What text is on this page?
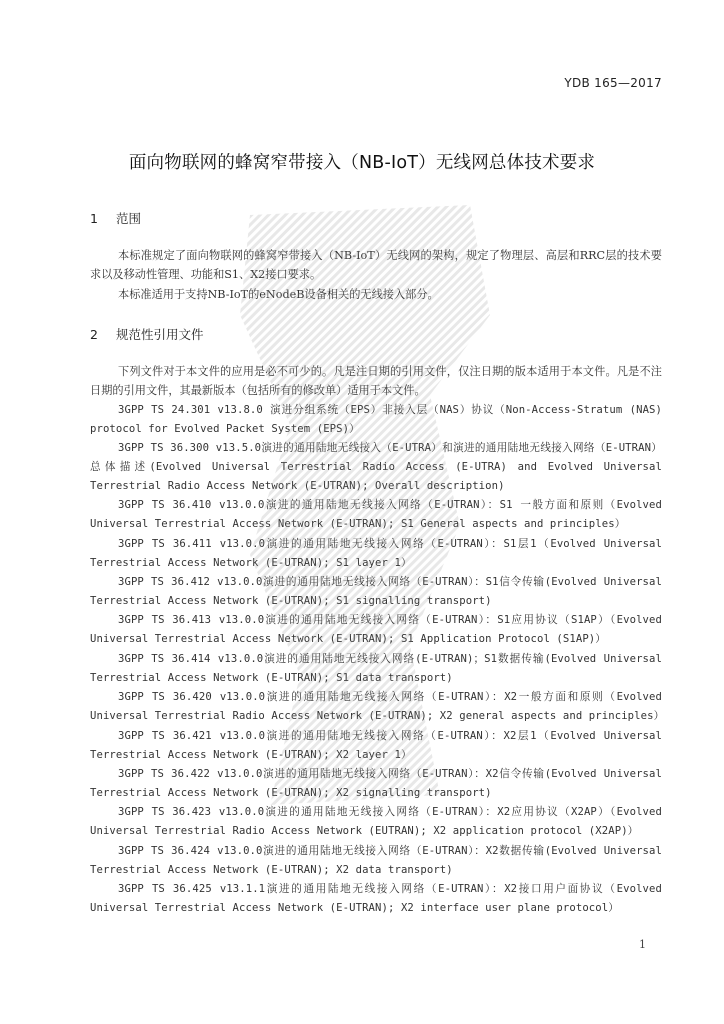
YDB 165—2017
面向物联网的蜂窝窄带接入（NB-IoT）无线网总体技术要求
1 范围
本标准规定了面向物联网的蜂窝窄带接入（NB-IoT）无线网的架构，规定了物理层、高层和RRC层的技术要求以及移动性管理、功能和S1、X2接口要求。
本标准适用于支持NB-IoT的eNodeB设备相关的无线接入部分。
2 规范性引用文件
下列文件对于本文件的应用是必不可少的。凡是注日期的引用文件，仅注日期的版本适用于本文件。凡是不注日期的引用文件，其最新版本（包括所有的修改单）适用于本文件。
3GPP TS 24.301 v13.8.0 演进分组系统（EPS）非接入层（NAS）协议（Non-Access-Stratum (NAS) protocol for Evolved Packet System (EPS)）
3GPP TS 36.300 v13.5.0演进的通用陆地无线接入（E-UTRA）和演进的通用陆地无线接入网络（E-UTRAN）总体描述(Evolved Universal Terrestrial Radio Access (E-UTRA) and Evolved Universal Terrestrial Radio Access Network (E-UTRAN); Overall description)
3GPP TS 36.410 v13.0.0演进的通用陆地无线接入网络（E-UTRAN）：S1 一般方面和原则（Evolved Universal Terrestrial Access Network (E-UTRAN); S1 General aspects and principles）
3GPP TS 36.411 v13.0.0演进的通用陆地无线接入网络（E-UTRAN）：S1层1（Evolved Universal Terrestrial Access Network (E-UTRAN); S1 layer 1）
3GPP TS 36.412 v13.0.0演进的通用陆地无线接入网络（E-UTRAN）：S1信令传输(Evolved Universal Terrestrial Access Network (E-UTRAN); S1 signalling transport)
3GPP TS 36.413 v13.0.0演进的通用陆地无线接入网络（E-UTRAN）：S1应用协议（S1AP）（Evolved Universal Terrestrial Access Network (E-UTRAN); S1 Application Protocol (S1AP)）
3GPP TS 36.414 v13.0.0演进的通用陆地无线接入网络(E-UTRAN)；S1数据传输(Evolved Universal Terrestrial Access Network (E-UTRAN); S1 data transport)
3GPP TS 36.420 v13.0.0演进的通用陆地无线接入网络（E-UTRAN）：X2一般方面和原则（Evolved Universal Terrestrial Radio Access Network (E-UTRAN); X2 general aspects and principles）
3GPP TS 36.421 v13.0.0演进的通用陆地无线接入网络（E-UTRAN）：X2层1（Evolved Universal Terrestrial Access Network (E-UTRAN); X2 layer 1）
3GPP TS 36.422 v13.0.0演进的通用陆地无线接入网络（E-UTRAN）：X2信令传输(Evolved Universal Terrestrial Access Network (E-UTRAN); X2 signalling transport)
3GPP TS 36.423 v13.0.0演进的通用陆地无线接入网络（E-UTRAN）：X2应用协议（X2AP）（Evolved Universal Terrestrial Radio Access Network (EUTRAN); X2 application protocol (X2AP)）
3GPP TS 36.424 v13.0.0演进的通用陆地无线接入网络（E-UTRAN）：X2数据传输(Evolved Universal Terrestrial Access Network (E-UTRAN); X2 data transport)
3GPP TS 36.425 v13.1.1演进的通用陆地无线接入网络（E-UTRAN）：X2接口用户面协议（Evolved Universal Terrestrial Access Network (E-UTRAN); X2 interface user plane protocol）
1
